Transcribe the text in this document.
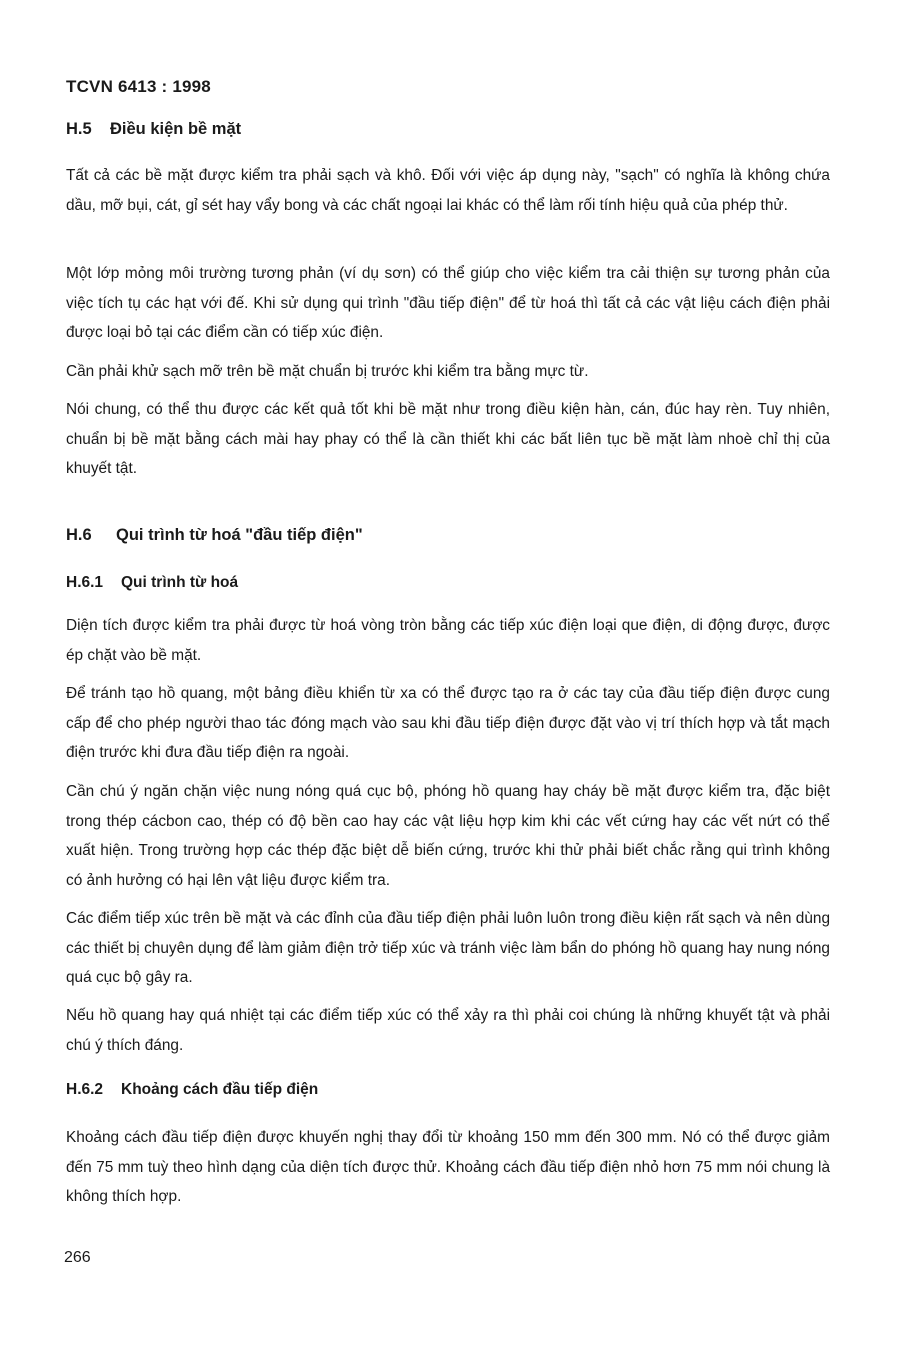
TCVN 6413 : 1998
H.5 Điều kiện bề mặt
Tất cả các bề mặt được kiểm tra phải sạch và khô. Đối với việc áp dụng này, "sạch" có nghĩa là không chứa dầu, mỡ bụi, cát, gỉ sét hay vẩy bong và các chất ngoại lai khác có thể làm rối tính hiệu quả của phép thử.
Một lớp mỏng môi trường tương phản (ví dụ sơn) có thể giúp cho việc kiểm tra cải thiện sự tương phản của việc tích tụ các hạt với đế. Khi sử dụng qui trình "đầu tiếp điện" để từ hoá thì tất cả các vật liệu cách điện phải được loại bỏ tại các điểm cần có tiếp xúc điện.
Cần phải khử sạch mỡ trên bề mặt chuẩn bị trước khi kiểm tra bằng mực từ.
Nói chung, có thể thu được các kết quả tốt khi bề mặt như trong điều kiện hàn, cán, đúc hay rèn. Tuy nhiên, chuẩn bị bề mặt bằng cách mài hay phay có thể là cần thiết khi các bất liên tục bề mặt làm nhoè chỉ thị của khuyết tật.
H.6 Qui trình từ hoá "đầu tiếp điện"
H.6.1 Qui trình từ hoá
Diện tích được kiểm tra phải được từ hoá vòng tròn bằng các tiếp xúc điện loại que điện, di động được, được ép chặt vào bề mặt.
Để tránh tạo hồ quang, một bảng điều khiển từ xa có thể được tạo ra ở các tay của đầu tiếp điện được cung cấp để cho phép người thao tác đóng mạch vào sau khi đầu tiếp điện được đặt vào vị trí thích hợp và tắt mạch điện trước khi đưa đầu tiếp điện ra ngoài.
Cần chú ý ngăn chặn việc nung nóng quá cục bộ, phóng hồ quang hay cháy bề mặt được kiểm tra, đặc biệt trong thép cácbon cao, thép có độ bền cao hay các vật liệu hợp kim khi các vết cứng hay các vết nứt có thể xuất hiện. Trong trường hợp các thép đặc biệt dễ biến cứng, trước khi thử phải biết chắc rằng qui trình không có ảnh hưởng có hại lên vật liệu được kiểm tra.
Các điểm tiếp xúc trên bề mặt và các đỉnh của đầu tiếp điện phải luôn luôn trong điều kiện rất sạch và nên dùng các thiết bị chuyên dụng để làm giảm điện trở tiếp xúc và tránh việc làm bẩn do phóng hồ quang hay nung nóng quá cục bộ gây ra.
Nếu hồ quang hay quá nhiệt tại các điểm tiếp xúc có thể xảy ra thì phải coi chúng là những khuyết tật và phải chú ý thích đáng.
H.6.2 Khoảng cách đầu tiếp điện
Khoảng cách đầu tiếp điện được khuyến nghị thay đổi từ khoảng 150 mm đến 300 mm. Nó có thể được giảm đến 75 mm tuỳ theo hình dạng của diện tích được thử. Khoảng cách đầu tiếp điện nhỏ hơn 75 mm nói chung là không thích hợp.
266
